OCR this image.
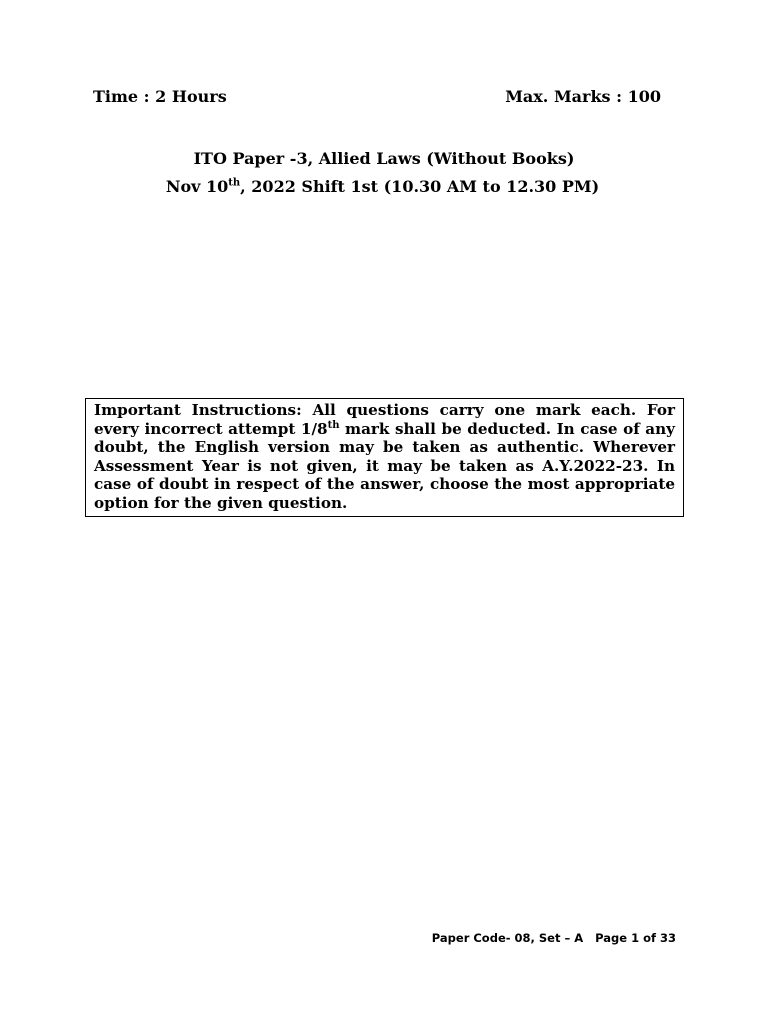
Time : 2 Hours	Max. Marks : 100
ITO Paper -3, Allied Laws (Without Books)
Nov 10th, 2022 Shift 1st (10.30 AM to 12.30 PM)
Important Instructions: All questions carry one mark each. For every incorrect attempt 1/8th mark shall be deducted. In case of any doubt, the English version may be taken as authentic. Wherever Assessment Year is not given, it may be taken as A.Y.2022-23. In case of doubt in respect of the answer, choose the most appropriate option for the given question.
Paper Code- 08, Set – A Page 1 of 33
